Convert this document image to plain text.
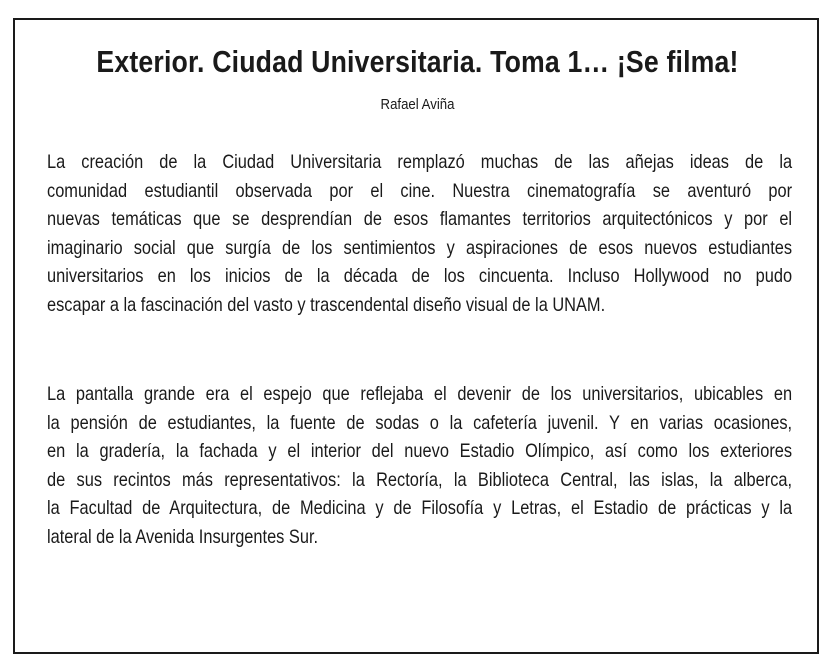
Exterior. Ciudad Universitaria. Toma 1… ¡Se filma!
Rafael Aviña
La creación de la Ciudad Universitaria remplazó muchas de las añejas ideas de la
comunidad estudiantil observada por el cine. Nuestra cinematografía se aventuró por
nuevas temáticas que se desprendían de esos flamantes territorios arquitectónicos y por el
imaginario social que surgía de los sentimientos y aspiraciones de esos nuevos estudiantes
universitarios en los inicios de la década de los cincuenta. Incluso Hollywood no pudo
escapar a la fascinación del vasto y trascendental diseño visual de la UNAM.
La pantalla grande era el espejo que reflejaba el devenir de los universitarios, ubicables en
la pensión de estudiantes, la fuente de sodas o la cafetería juvenil. Y en varias ocasiones,
en la gradería, la fachada y el interior del nuevo Estadio Olímpico, así como los exteriores
de sus recintos más representativos: la Rectoría, la Biblioteca Central, las islas, la alberca,
la Facultad de Arquitectura, de Medicina y de Filosofía y Letras, el Estadio de prácticas y la
lateral de la Avenida Insurgentes Sur.
